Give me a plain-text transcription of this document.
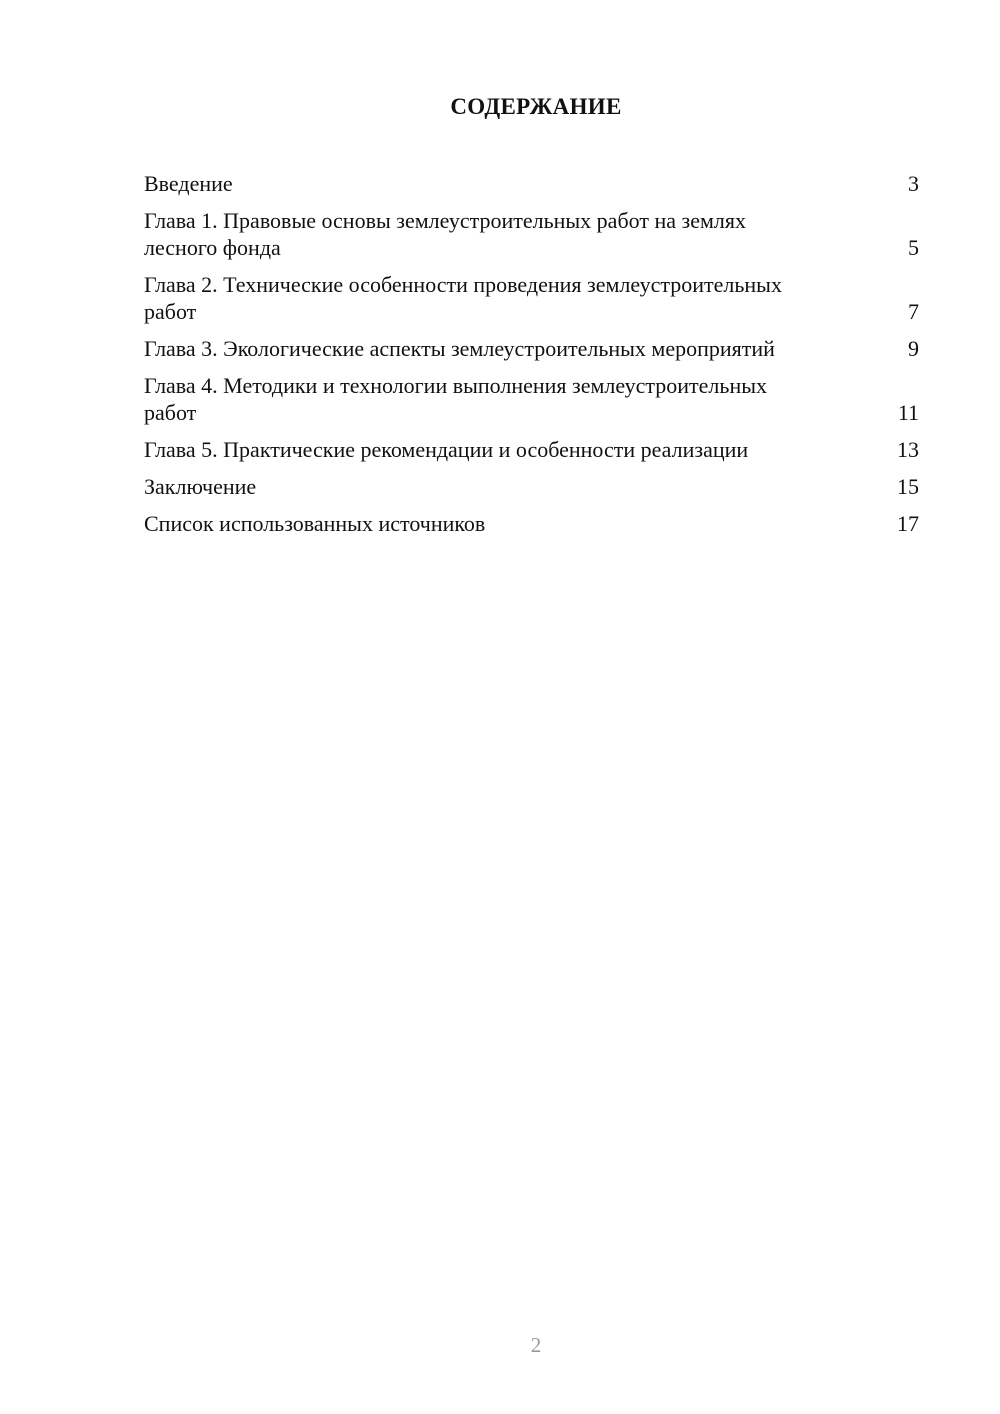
СОДЕРЖАНИЕ
Введение	3
Глава 1. Правовые основы землеустроительных работ на землях лесного фонда	5
Глава 2. Технические особенности проведения землеустроительных работ	7
Глава 3. Экологические аспекты землеустроительных мероприятий	9
Глава 4. Методики и технологии выполнения землеустроительных работ	11
Глава 5. Практические рекомендации и особенности реализации	13
Заключение	15
Список использованных источников	17
2
